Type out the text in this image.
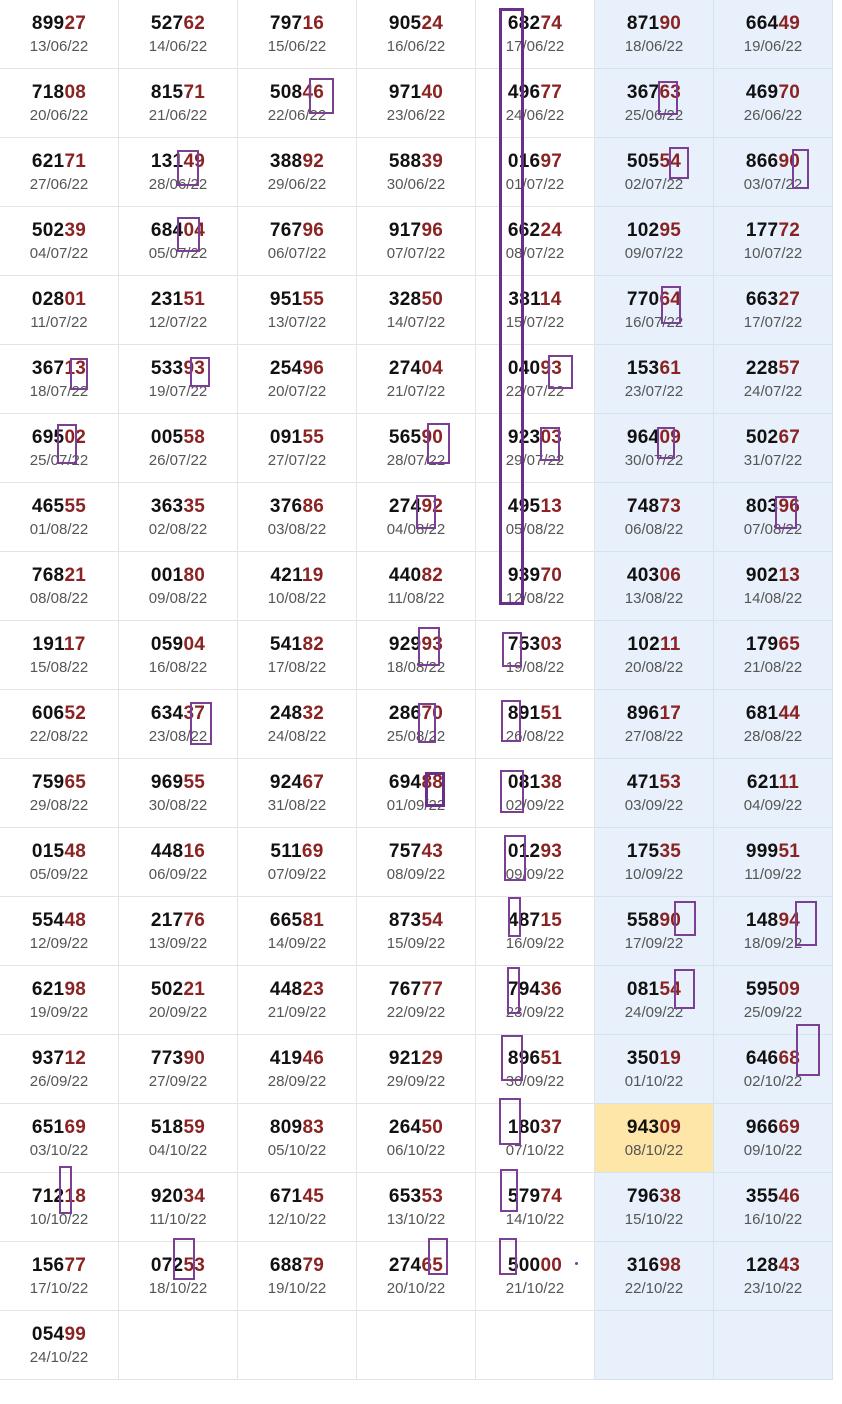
89927
13/06/22
52762
14/06/22
79716
15/06/22
90524
16/06/22
68274
17/06/22
87190
18/06/22
66449
19/06/22
71808
20/06/22
81571
21/06/22
50846
22/06/22
97140
23/06/22
49677
24/06/22
36763
25/06/22
46970
26/06/22
62171
27/06/22
13149
28/06/22
38892
29/06/22
58839
30/06/22
01697
01/07/22
50554
02/07/22
86690
03/07/22
50239
04/07/22
68404
05/07/22
76796
06/07/22
91796
07/07/22
66224
08/07/22
10295
09/07/22
17772
10/07/22
02801
11/07/22
23151
12/07/22
95155
13/07/22
32850
14/07/22
38114
15/07/22
77064
16/07/22
66327
17/07/22
36713
18/07/22
53393
19/07/22
25496
20/07/22
27404
21/07/22
04093
22/07/22
15361
23/07/22
22857
24/07/22
69502
25/07/22
00558
26/07/22
09155
27/07/22
56590
28/07/22
92303
29/07/22
96409
30/07/22
50267
31/07/22
46555
01/08/22
36335
02/08/22
37686
03/08/22
27492
04/08/22
49513
05/08/22
74873
06/08/22
80396
07/08/22
76821
08/08/22
00180
09/08/22
42119
10/08/22
44082
11/08/22
93970
12/08/22
40306
13/08/22
90213
14/08/22
19117
15/08/22
05904
16/08/22
54182
17/08/22
92993
18/08/22
75303
19/08/22
10211
20/08/22
17965
21/08/22
60652
22/08/22
63437
23/08/22
24832
24/08/22
28670
25/08/22
89151
26/08/22
89617
27/08/22
68144
28/08/22
75965
29/08/22
96955
30/08/22
92467
31/08/22
69488
01/09/22
08138
02/09/22
47153
03/09/22
62111
04/09/22
01548
05/09/22
44816
06/09/22
51169
07/09/22
75743
08/09/22
01293
09/09/22
17535
10/09/22
99951
11/09/22
55448
12/09/22
21776
13/09/22
66581
14/09/22
87354
15/09/22
48715
16/09/22
55890
17/09/22
14894
18/09/22
62198
19/09/22
50221
20/09/22
44823
21/09/22
76777
22/09/22
79436
23/09/22
08154
24/09/22
59509
25/09/22
93712
26/09/22
77390
27/09/22
41946
28/09/22
92129
29/09/22
89651
30/09/22
35019
01/10/22
64668
02/10/22
65169
03/10/22
51859
04/10/22
80983
05/10/22
26450
06/10/22
18037
07/10/22
94309
08/10/22
96669
09/10/22
71218
10/10/22
92034
11/10/22
67145
12/10/22
65353
13/10/22
57974
14/10/22
79638
15/10/22
35546
16/10/22
15677
17/10/22
07253
18/10/22
68879
19/10/22
27465
20/10/22
50000
21/10/22
31698
22/10/22
12843
23/10/22
05499
24/10/22
